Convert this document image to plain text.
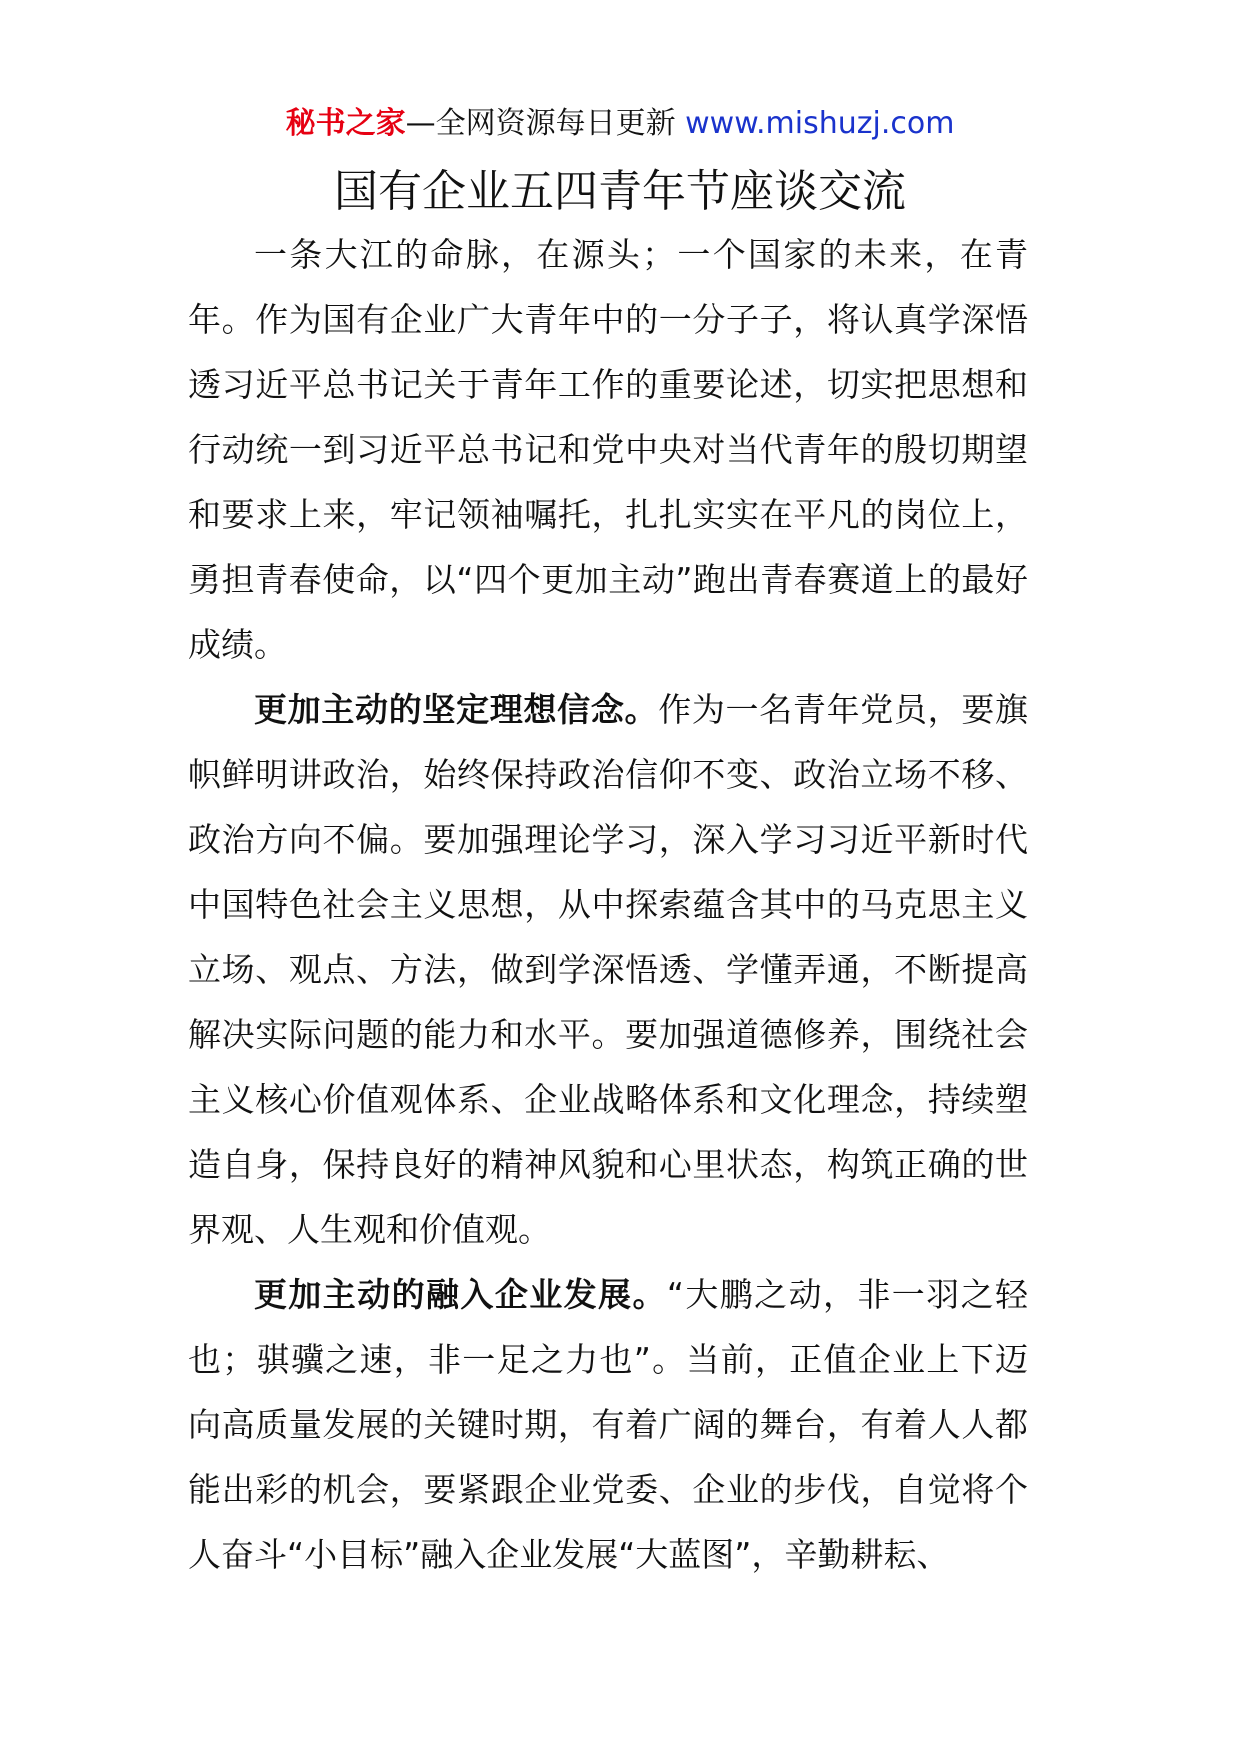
秘书之家—全网资源每日更新 www.mishuzj.com
国有企业五四青年节座谈交流

一条大江的命脉，在源头；一个国家的未来，在青年。作为国有企业广大青年中的一分子子，将认真学深悟透习近平总书记关于青年工作的重要论述，切实把思想和行动统一到习近平总书记和党中央对当代青年的殷切期望和要求上来，牢记领袖嘱托，扎扎实实在平凡的岗位上，勇担青春使命，以“四个更加主动”跑出青春赛道上的最好成绩。

更加主动的坚定理想信念。作为一名青年党员，要旗帜鲜明讲政治，始终保持政治信仰不变、政治立场不移、政治方向不偏。要加强理论学习，深入学习习近平新时代中国特色社会主义思想，从中探索蕴含其中的马克思主义立场、观点、方法，做到学深悟透、学懂弄通，不断提高解决实际问题的能力和水平。要加强道德修养，围绕社会主义核心价值观体系、企业战略体系和文化理念，持续塑造自身，保持良好的精神风貌和心里状态，构筑正确的世界观、人生观和价值观。

更加主动的融入企业发展。“大鹏之动，非一羽之轻也；骐骥之速，非一足之力也”。当前，正值企业上下迈向高质量发展的关键时期，有着广阔的舞台，有着人人都能出彩的机会，要紧跟企业党委、企业的步伐，自觉将个人奋斗“小目标”融入企业发展“大蓝图”，辛勤耕耘、
